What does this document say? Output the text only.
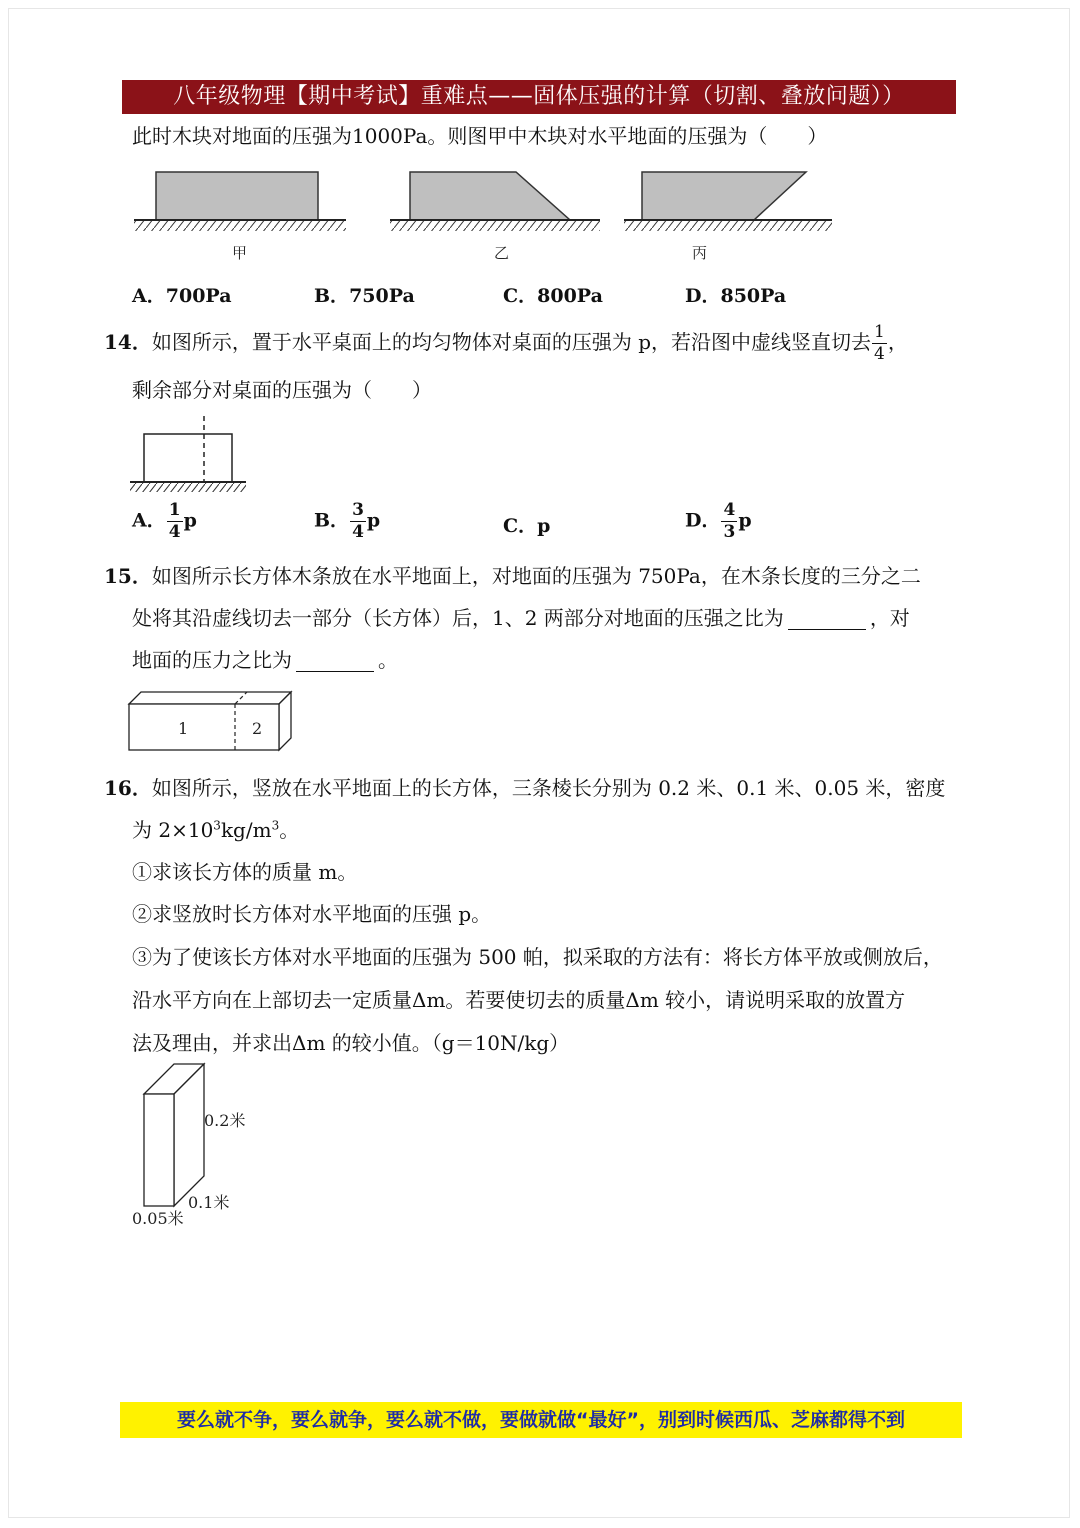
八年级物理【期中考试】重难点——固体压强的计算（切割、叠放问题））
此时木块对地面的压强为1000Pa。则图甲中木块对水平地面的压强为（　　）
甲	乙	丙
A．700Pa	B．750Pa	C．800Pa	D．850Pa
14．如图所示，置于水平桌面上的均匀物体对桌面的压强为 p，若沿图中虚线竖直切去 $\frac{1}{4}$ ，
剩余部分对桌面的压强为（　　）
A． $\frac{1}{4}$ p	B． $\frac{3}{4}$ p	C．p	D． $\frac{4}{3}$ p
15．如图所示长方体木条放在水平地面上，对地面的压强为 750Pa，在木条长度的三分之二
处将其沿虚线切去一部分（长方体）后，1、2 两部分对地面的压强之比为	，对
地面的压力之比为	。
1	2
16．如图所示，竖放在水平地面上的长方体，三条棱长分别为 0.2 米、0.1 米、0.05 米，密度
为 $2\times 10^3kg/m^3$。
①求该长方体的质量 m。
②求竖放时长方体对水平地面的压强 p。
③为了使该长方体对水平地面的压强为 500 帕，拟采取的方法有：将长方体平放或侧放后，
沿水平方向在上部切去一定质量Δm。若要使切去的质量Δm 较小，请说明采取的放置方
法及理由，并求出Δm 的较小值。（g＝10N/kg）
0.2米
0.1米
0.05米
要么就不争，要么就争，要么就不做，要做就做“最好”，别到时候西瓜、芝麻都得不到
